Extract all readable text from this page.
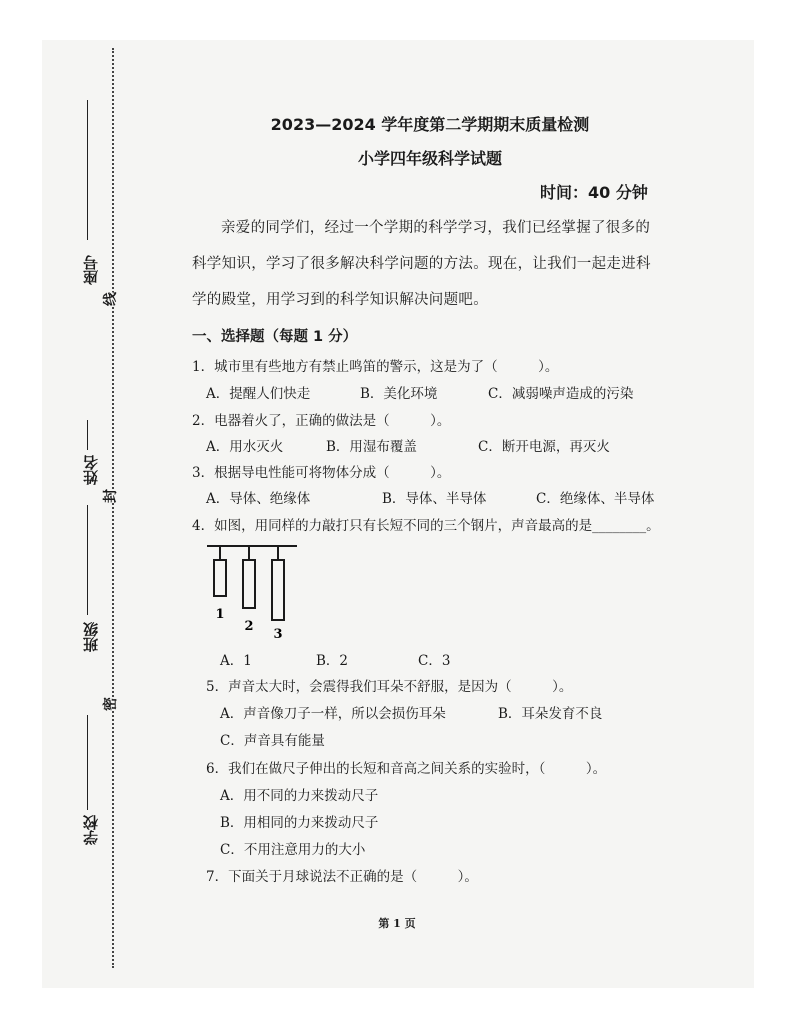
座号
姓名
班级
学校
线
封
密
2023—2024 学年度第二学期期末质量检测
小学四年级科学试题
时间：40 分钟
亲爱的同学们，经过一个学期的科学学习，我们已经掌握了很多的科学知识，学习了很多解决科学问题的方法。现在，让我们一起走进科学的殿堂，用学习到的科学知识解决问题吧。
一、选择题（每题 1 分）
1．城市里有些地方有禁止鸣笛的警示，这是为了（　　　）。
A．提醒人们快走	B．美化环境	C．减弱噪声造成的污染
2．电器着火了，正确的做法是（　　　）。
A．用水灭火	B．用湿布覆盖	C．断开电源，再灭火
3．根据导电性能可将物体分成（　　　）。
A．导体、绝缘体	B．导体、半导体	C．绝缘体、半导体
4．如图，用同样的力敲打只有长短不同的三个钢片，声音最高的是________。
1
2
3
A．1	B．2	C．3
5．声音太大时，会震得我们耳朵不舒服，是因为（　　　）。
A．声音像刀子一样，所以会损伤耳朵	B．耳朵发育不良
C．声音具有能量
6．我们在做尺子伸出的长短和音高之间关系的实验时，（　　　）。
A．用不同的力来拨动尺子
B．用相同的力来拨动尺子
C．不用注意用力的大小
7．下面关于月球说法不正确的是（　　　）。
第 1 页
